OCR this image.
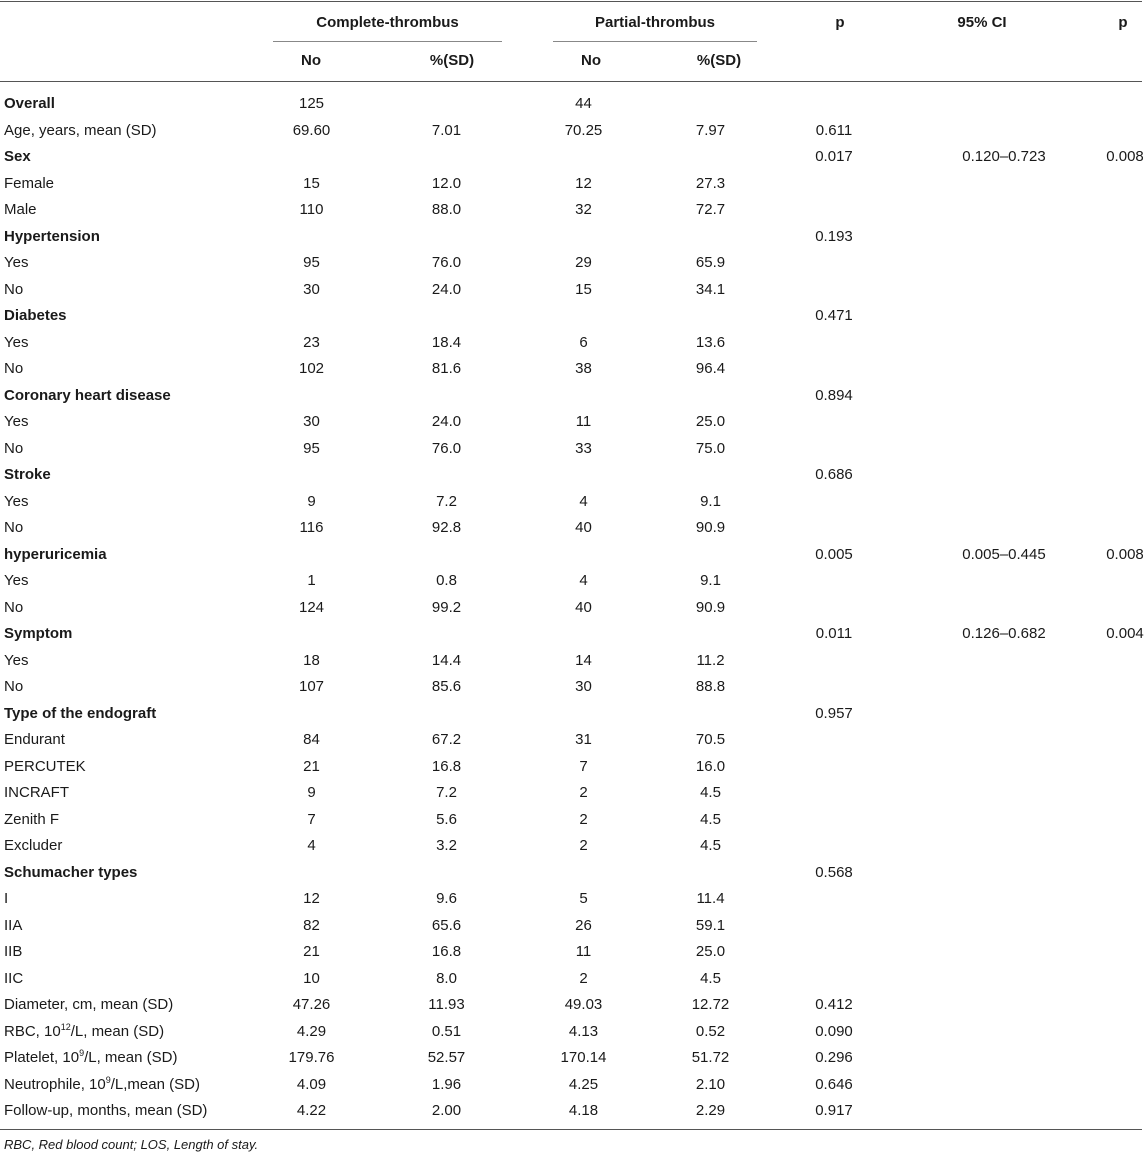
Complete-thrombus	Partial-thrombus	p	95% CI	p
No	%(SD)	No	%(SD)
Overall	125		44				
Age, years, mean (SD)	69.60	7.01	70.25	7.97	0.611		
Sex					0.017	0.120–0.723	0.008
Female	15	12.0	12	27.3			
Male	110	88.0	32	72.7			
Hypertension					0.193		
Yes	95	76.0	29	65.9			
No	30	24.0	15	34.1			
Diabetes					0.471		
Yes	23	18.4	6	13.6			
No	102	81.6	38	96.4			
Coronary heart disease					0.894		
Yes	30	24.0	11	25.0			
No	95	76.0	33	75.0			
Stroke					0.686		
Yes	9	7.2	4	9.1			
No	116	92.8	40	90.9			
hyperuricemia					0.005	0.005–0.445	0.008
Yes	1	0.8	4	9.1			
No	124	99.2	40	90.9			
Symptom					0.011	0.126–0.682	0.004
Yes	18	14.4	14	11.2			
No	107	85.6	30	88.8			
Type of the endograft					0.957		
Endurant	84	67.2	31	70.5			
PERCUTEK	21	16.8	7	16.0			
INCRAFT	9	7.2	2	4.5			
Zenith F	7	5.6	2	4.5			
Excluder	4	3.2	2	4.5			
Schumacher types					0.568		
I	12	9.6	5	11.4			
IIA	82	65.6	26	59.1			
IIB	21	16.8	11	25.0			
IIC	10	8.0	2	4.5			
Diameter, cm, mean (SD)	47.26	11.93	49.03	12.72	0.412		
RBC, $10^{12}/L$, mean (SD)	4.29	0.51	4.13	0.52	0.090		
Platelet, $10^9/L$, mean (SD)	179.76	52.57	170.14	51.72	0.296		
Neutrophile, $10^9/L,mean$ (SD)	4.09	1.96	4.25	2.10	0.646		
Follow-up, months, mean (SD)	4.22	2.00	4.18	2.29	0.917		
RBC, Red blood count; LOS, Length of stay.
